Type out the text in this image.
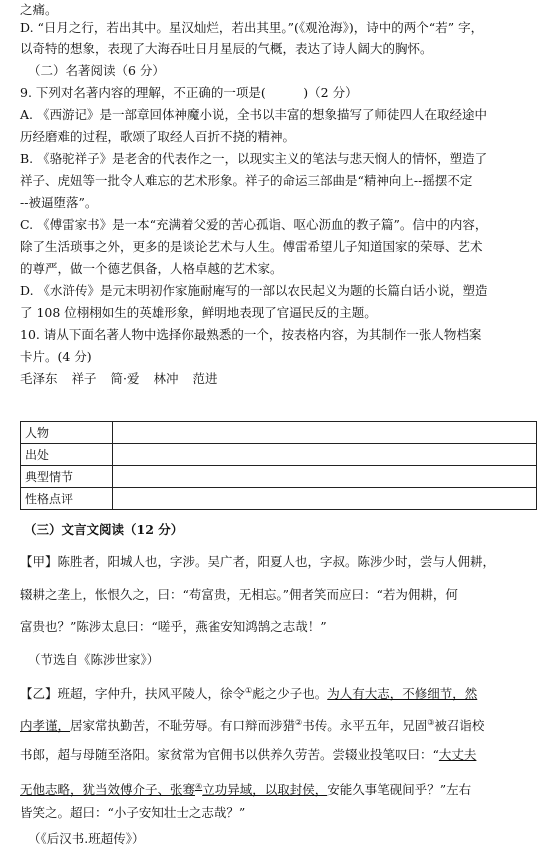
之痛。
D. “日月之行，若出其中。星汉灿烂，若出其里。”(《观沧海》)，诗中的两个“若” 字，
以奇特的想象，表现了大海吞吐日月星辰的气概，表达了诗人阔大的胸怀。
（二）名著阅读（6 分）
9. 下列对名著内容的理解，不正确的一项是(　　　)（2 分）
A. 《西游记》是一部章回体神魔小说，全书以丰富的想象描写了师徒四人在取经途中
历经磨难的过程，歌颂了取经人百折不挠的精神。
B. 《骆驼祥子》是老舍的代表作之一，以现实主义的笔法与悲天悯人的情怀，塑造了
祥子、虎妞等一批令人难忘的艺术形象。祥子的命运三部曲是“精神向上--摇摆不定
--被逼堕落”。
C. 《傅雷家书》是一本“充满着父爱的苦心孤诣、呕心沥血的教子篇”。信中的内容，
除了生活琐事之外，更多的是谈论艺术与人生。傅雷希望儿子知道国家的荣辱、艺术
的尊严，做一个德艺俱备，人格卓越的艺术家。
D. 《水浒传》是元末明初作家施耐庵写的一部以农民起义为题的长篇白话小说，塑造
了 108 位栩栩如生的英雄形象，鲜明地表现了官逼民反的主题。
10. 请从下面名著人物中选择你最熟悉的一个，按表格内容，为其制作一张人物档案
卡片。(4 分)
毛泽东 祥子 简·爱 林冲 范进
人物	
出处	
典型情节	
性格点评	
（三）文言文阅读（12 分）
【甲】陈胜者，阳城人也，字涉。吴广者，阳夏人也，字叔。陈涉少时，尝与人佣耕，
辍耕之垄上，怅恨久之，曰：“苟富贵，无相忘。”佣者笑而应曰：“若为佣耕，何
富贵也？”陈涉太息曰：“嗟乎，燕雀安知鸿鹄之志哉！”
（节选自《陈涉世家》）
【乙】班超，字仲升，扶风平陵人，徐令①彪之少子也。为人有大志，不修细节，然
内孝谨，居家常执勤苦，不耻劳辱。有口辩而涉猎②书传。永平五年，兄固③被召诣校
书郎，超与母随至洛阳。家贫常为官佣书以供养久劳苦。尝辍业投笔叹曰：“大丈夫
无他志略，犹当效傅介子、张骞④立功异域，以取封侯，安能久事笔砚间乎？”左右
皆笑之。超曰：“小子安知壮士之志哉？”
（《后汉书.班超传》）
